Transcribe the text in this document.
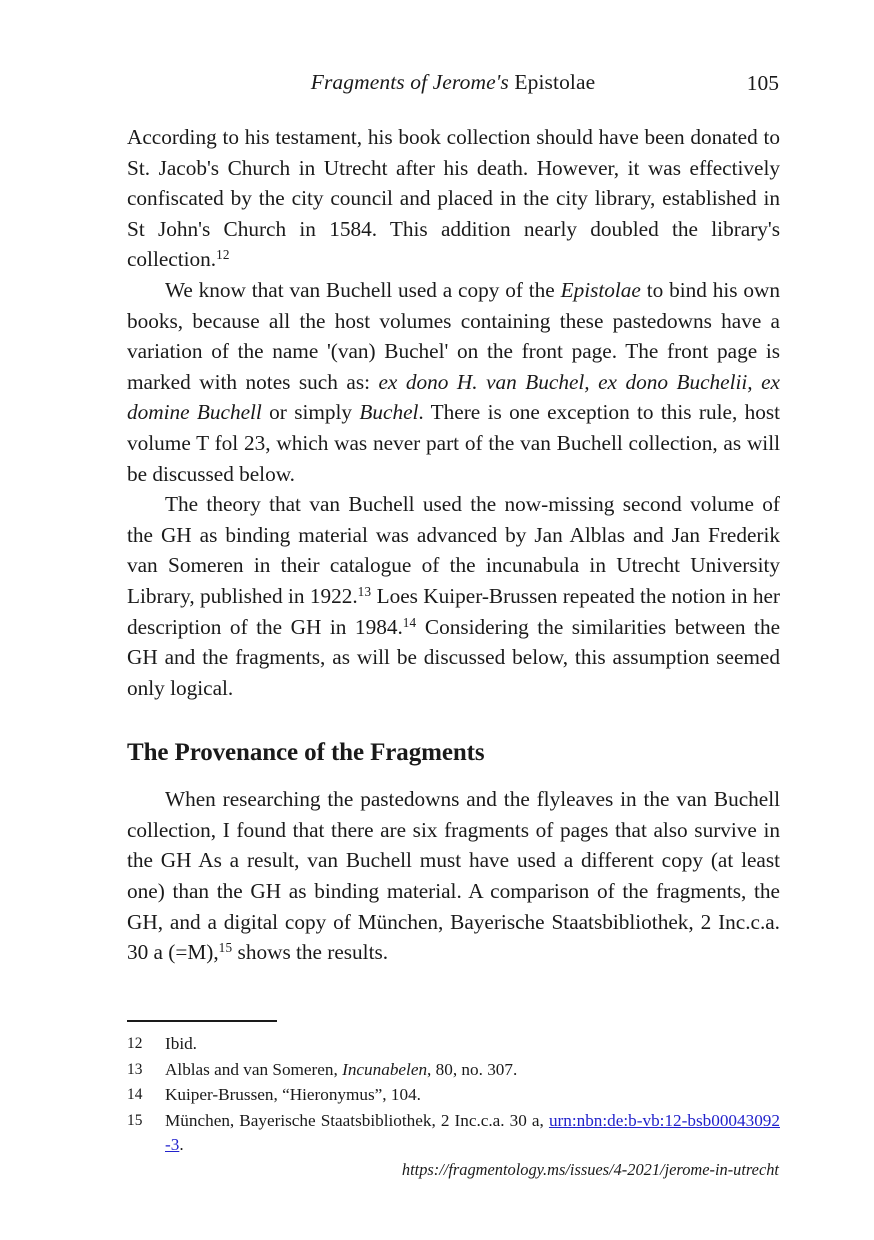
Fragments of Jerome's Epistolae	105

According to his testament, his book collection should have been donated to St. Jacob's Church in Utrecht after his death. However, it was effectively confiscated by the city council and placed in the city library, established in St John's Church in 1584. This addition nearly doubled the library's collection.$^{12}$

We know that van Buchell used a copy of the Epistolae to bind his own books, because all the host volumes containing these pastedowns have a variation of the name '(van) Buchel' on the front page. The front page is marked with notes such as: ex dono H. van Buchel, ex dono Buchelii, ex domine Buchell or simply Buchel. There is one exception to this rule, host volume T fol 23, which was never part of the van Buchell collection, as will be discussed below.

The theory that van Buchell used the now-missing second volume of the GH as binding material was advanced by Jan Alblas and Jan Frederik van Someren in their catalogue of the incunabula in Utrecht University Library, published in 1922.13 Loes Kuiper-Brussen repeated the notion in her description of the GH in 1984.14 Considering the similarities between the GH and the fragments, as will be discussed below, this assumption seemed only logical.

The Provenance of the Fragments

When researching the pastedowns and the flyleaves in the van Buchell collection, I found that there are six fragments of pages that also survive in the GH As a result, van Buchell must have used a different copy (at least one) than the GH as binding material. A comparison of the fragments, the GH, and a digital copy of München, Bayerische Staatsbibliothek, 2 Inc.c.a. 30 a (=M),$^{15}$ shows the results.

12	Ibid.
13	Alblas and van Someren, Incunabelen, 80, no. 307.
14	Kuiper-Brussen, “Hieronymus”, 104.
15	München, Bayerische Staatsbibliothek, 2 Inc.c.a. 30 a, urn:nbn:de:b-vb:12-bsb00043092-3.
https://fragmentology.ms/issues/4-2021/jerome-in-utrecht
